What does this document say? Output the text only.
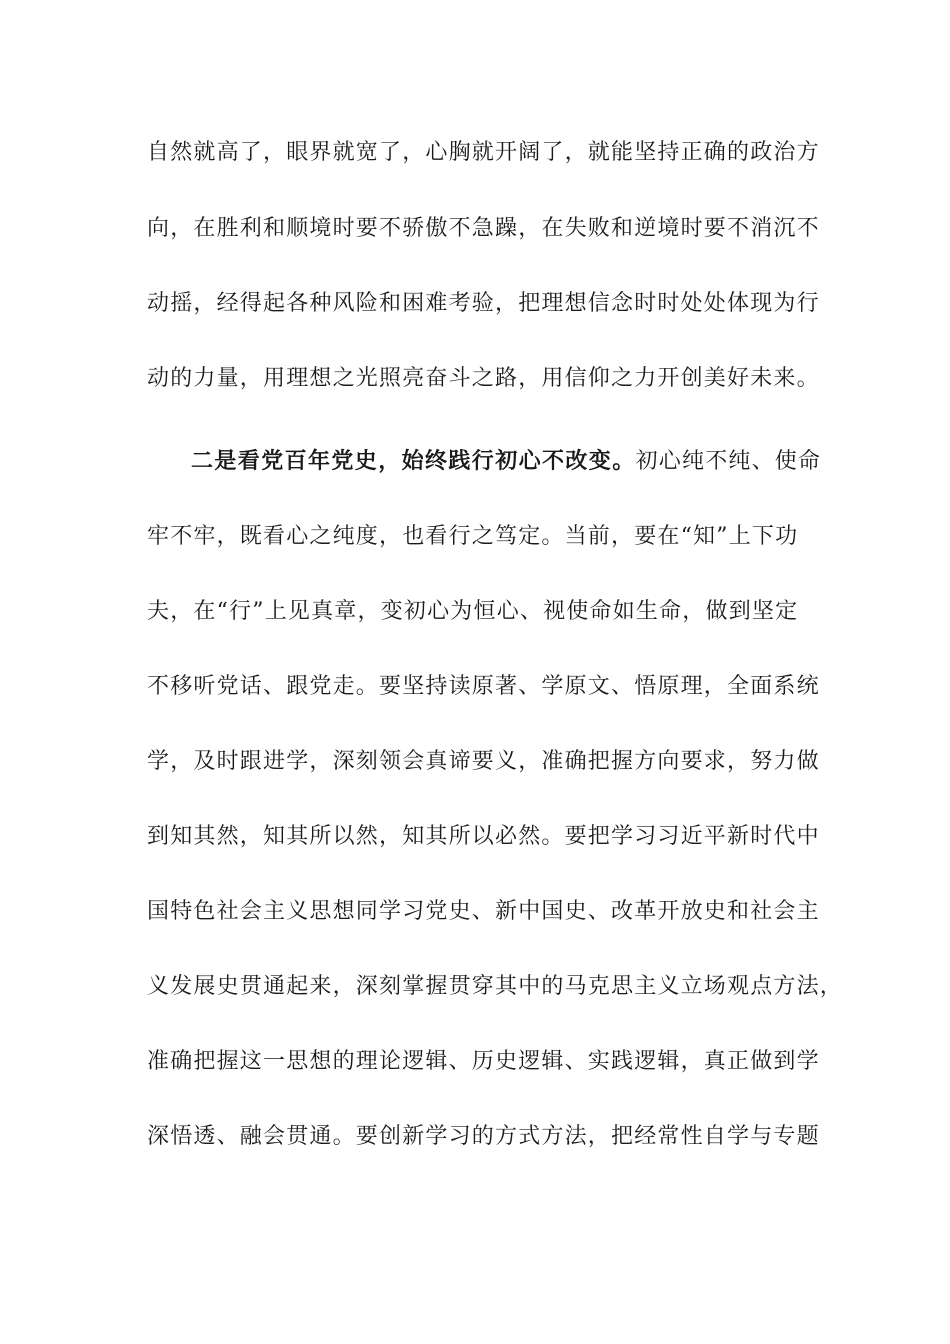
自然就高了，眼界就宽了，心胸就开阔了，就能坚持正确的政治方
向，在胜利和顺境时要不骄傲不急躁，在失败和逆境时要不消沉不
动摇，经得起各种风险和困难考验，把理想信念时时处处体现为行
动的力量，用理想之光照亮奋斗之路，用信仰之力开创美好未来。
二是看党百年党史，始终践行初心不改变。初心纯不纯、使命
牢不牢，既看心之纯度，也看行之笃定。当前，要在“知”上下功
夫，在“行”上见真章，变初心为恒心、视使命如生命，做到坚定
不移听党话、跟党走。要坚持读原著、学原文、悟原理，全面系统
学，及时跟进学，深刻领会真谛要义，准确把握方向要求，努力做
到知其然，知其所以然，知其所以必然。要把学习习近平新时代中
国特色社会主义思想同学习党史、新中国史、改革开放史和社会主
义发展史贯通起来，深刻掌握贯穿其中的马克思主义立场观点方法，
准确把握这一思想的理论逻辑、历史逻辑、实践逻辑，真正做到学
深悟透、融会贯通。要创新学习的方式方法，把经常性自学与专题
